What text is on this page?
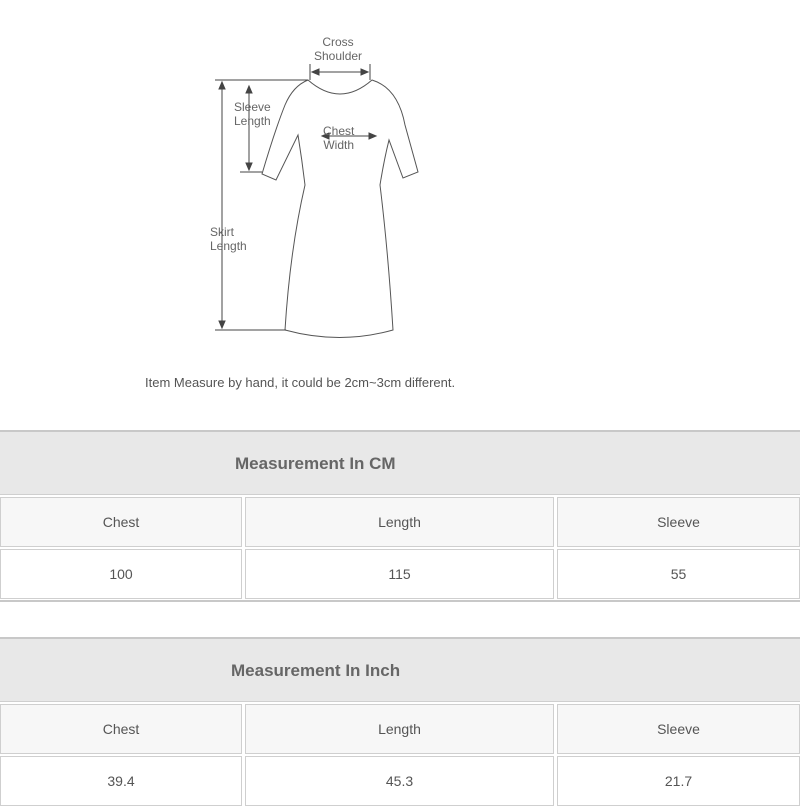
Cross
Shoulder
Sleeve
Length
Chest
Width
Skirt
Length
Item Measure by hand, it could be 2cm~3cm different.
Measurement In CM
Chest	Length	Sleeve
100	115	55
Measurement In Inch
Chest	Length	Sleeve
39.4	45.3	21.7
